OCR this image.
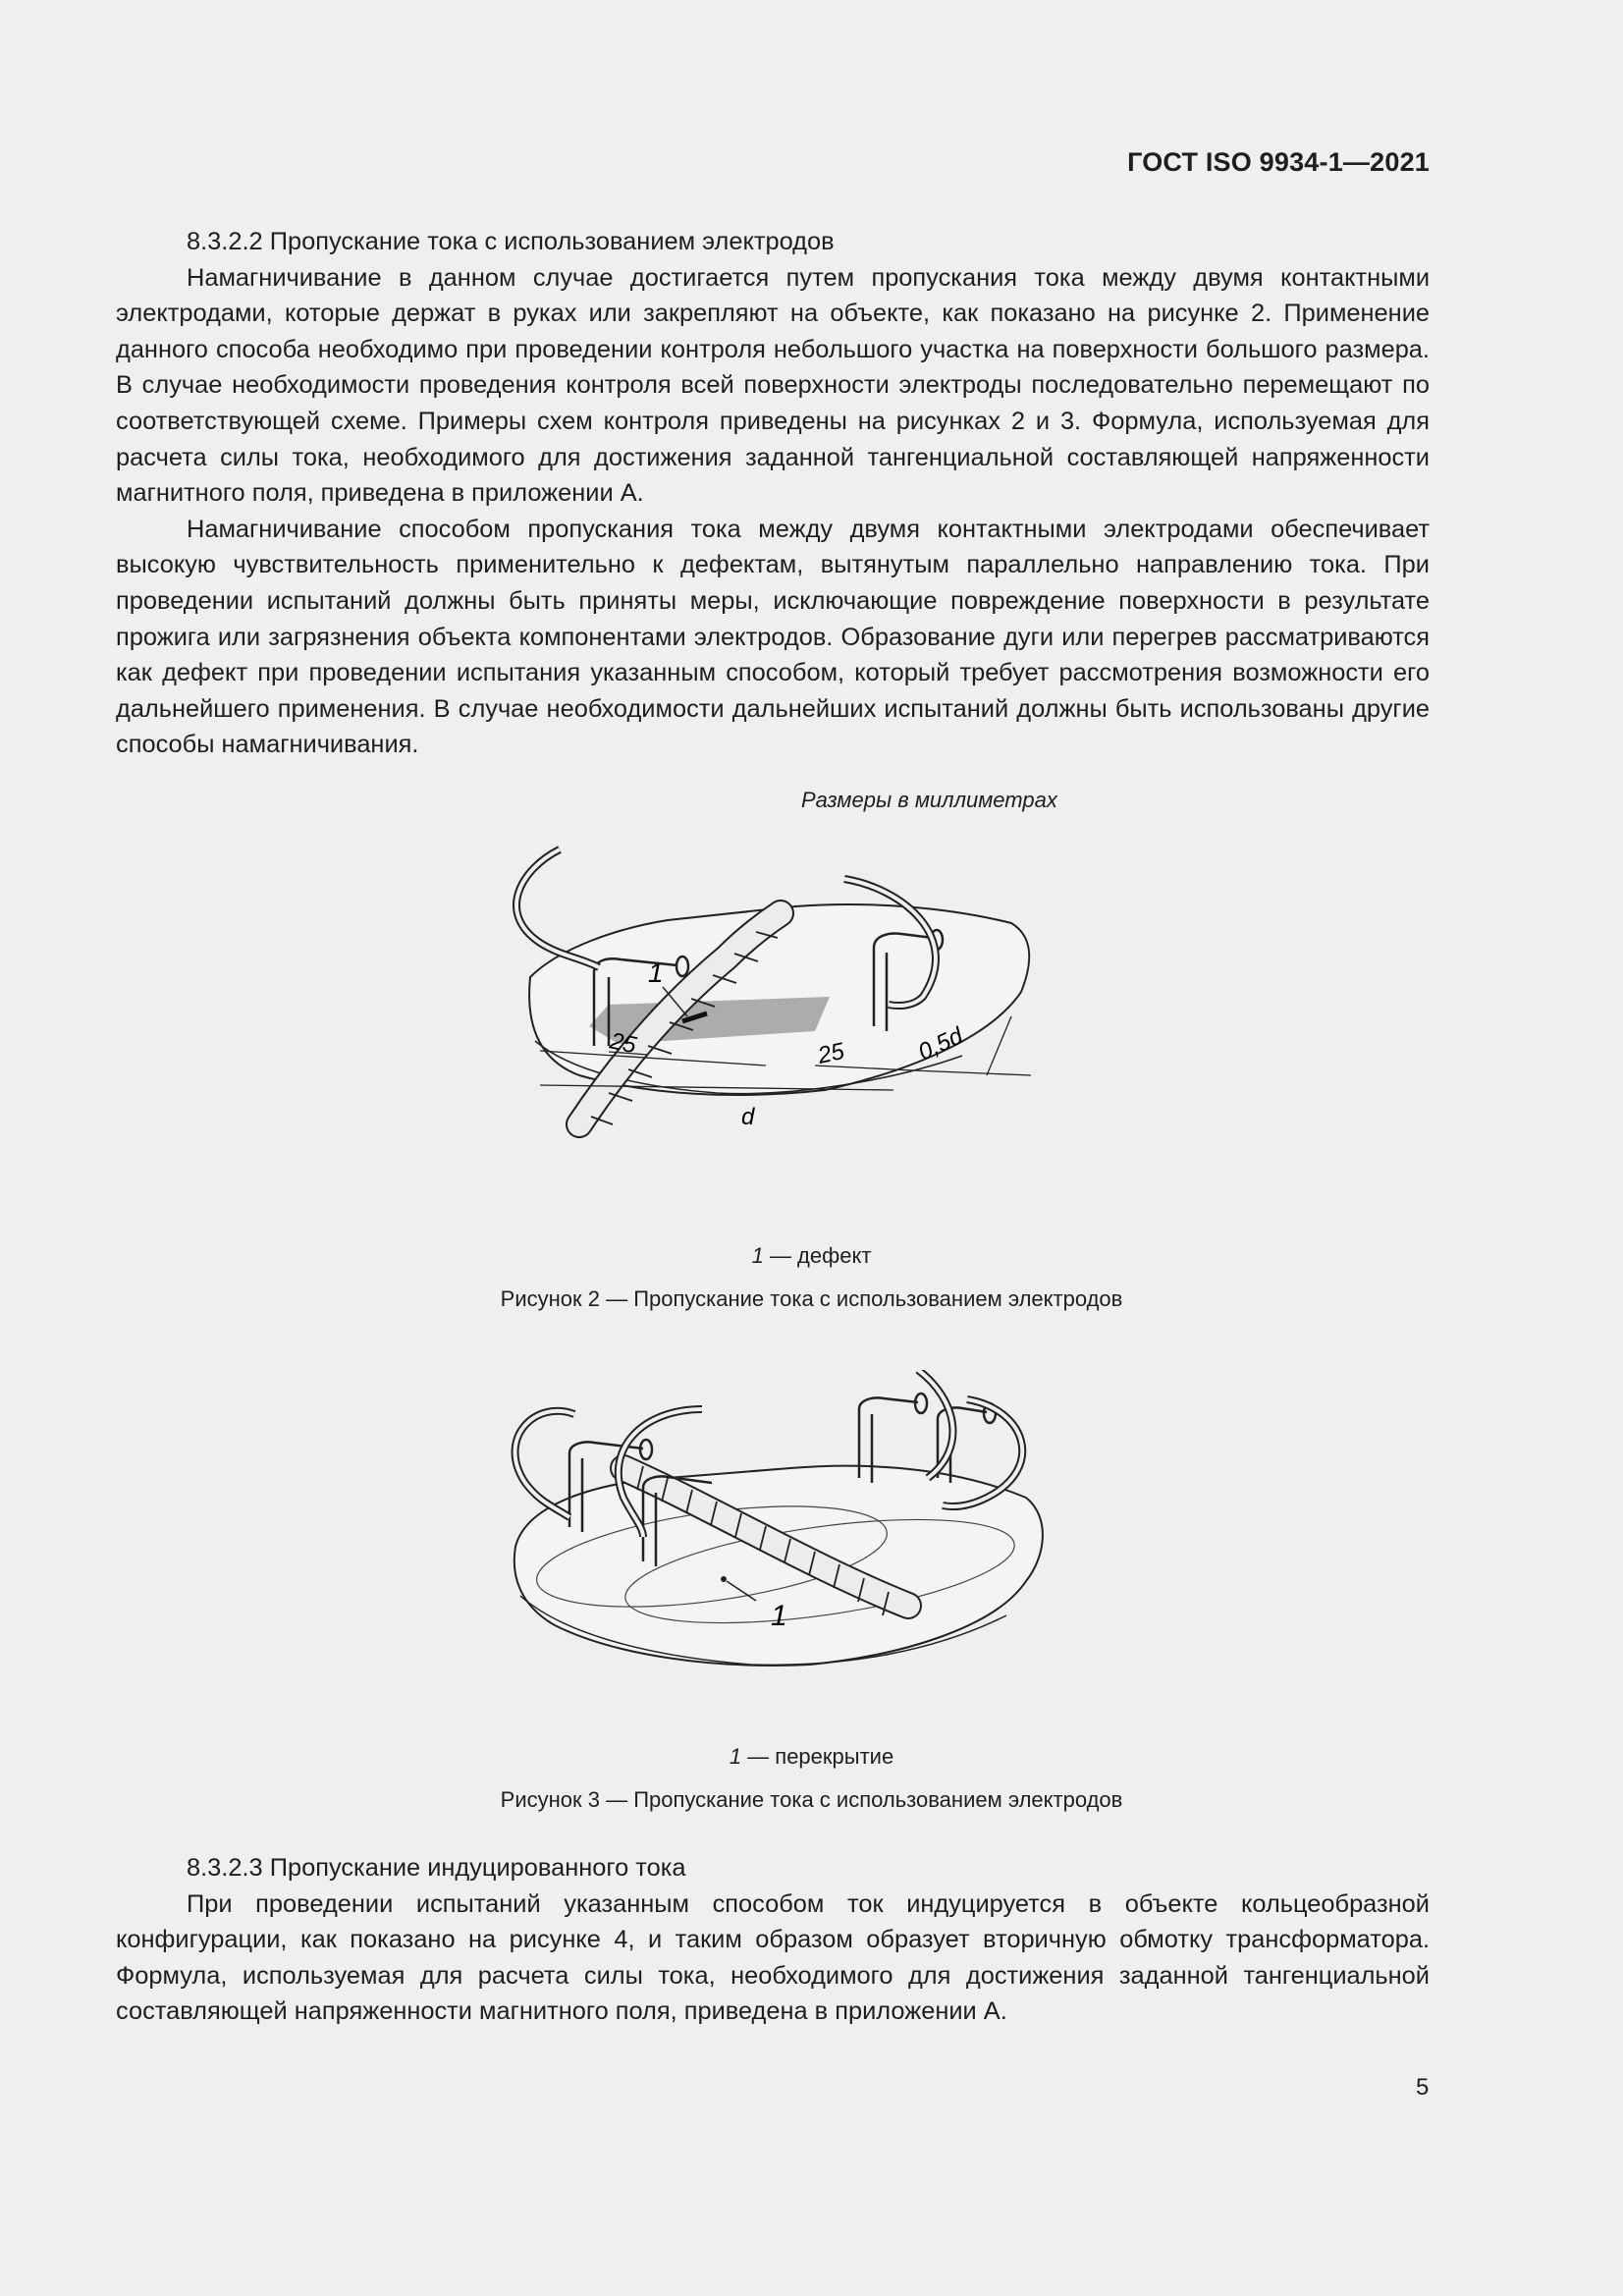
ГОСТ ISO 9934-1—2021

8.3.2.2 Пропускание тока с использованием электродов

Намагничивание в данном случае достигается путем пропускания тока между двумя контактными электродами, которые держат в руках или закрепляют на объекте, как показано на рисунке 2. Применение данного способа необходимо при проведении контроля небольшого участка на поверхности большого размера. В случае необходимости проведения контроля всей поверхности электроды последовательно перемещают по соответствующей схеме. Примеры схем контроля приведены на рисунках 2 и 3. Формула, используемая для расчета силы тока, необходимого для достижения заданной тангенциальной составляющей напряженности магнитного поля, приведена в приложении А.

Намагничивание способом пропускания тока между двумя контактными электродами обеспечивает высокую чувствительность применительно к дефектам, вытянутым параллельно направлению тока. При проведении испытаний должны быть приняты меры, исключающие повреждение поверхности в результате прожига или загрязнения объекта компонентами электродов. Образование дуги или перегрев рассматриваются как дефект при проведении испытания указанным способом, который требует рассмотрения возможности его дальнейшего применения. В случае необходимости дальнейших испытаний должны быть использованы другие способы намагничивания.

Размеры в миллиметрах
1
25	25
d
0,5d
1 — дефект
Рисунок 2 — Пропускание тока с использованием электродов
1
1 — перекрытие
Рисунок 3 — Пропускание тока с использованием электродов

8.3.2.3 Пропускание индуцированного тока

При проведении испытаний указанным способом ток индуцируется в объекте кольцеобразной конфигурации, как показано на рисунке 4, и таким образом образует вторичную обмотку трансформатора. Формула, используемая для расчета силы тока, необходимого для достижения заданной тангенциальной составляющей напряженности магнитного поля, приведена в приложении А.

5
